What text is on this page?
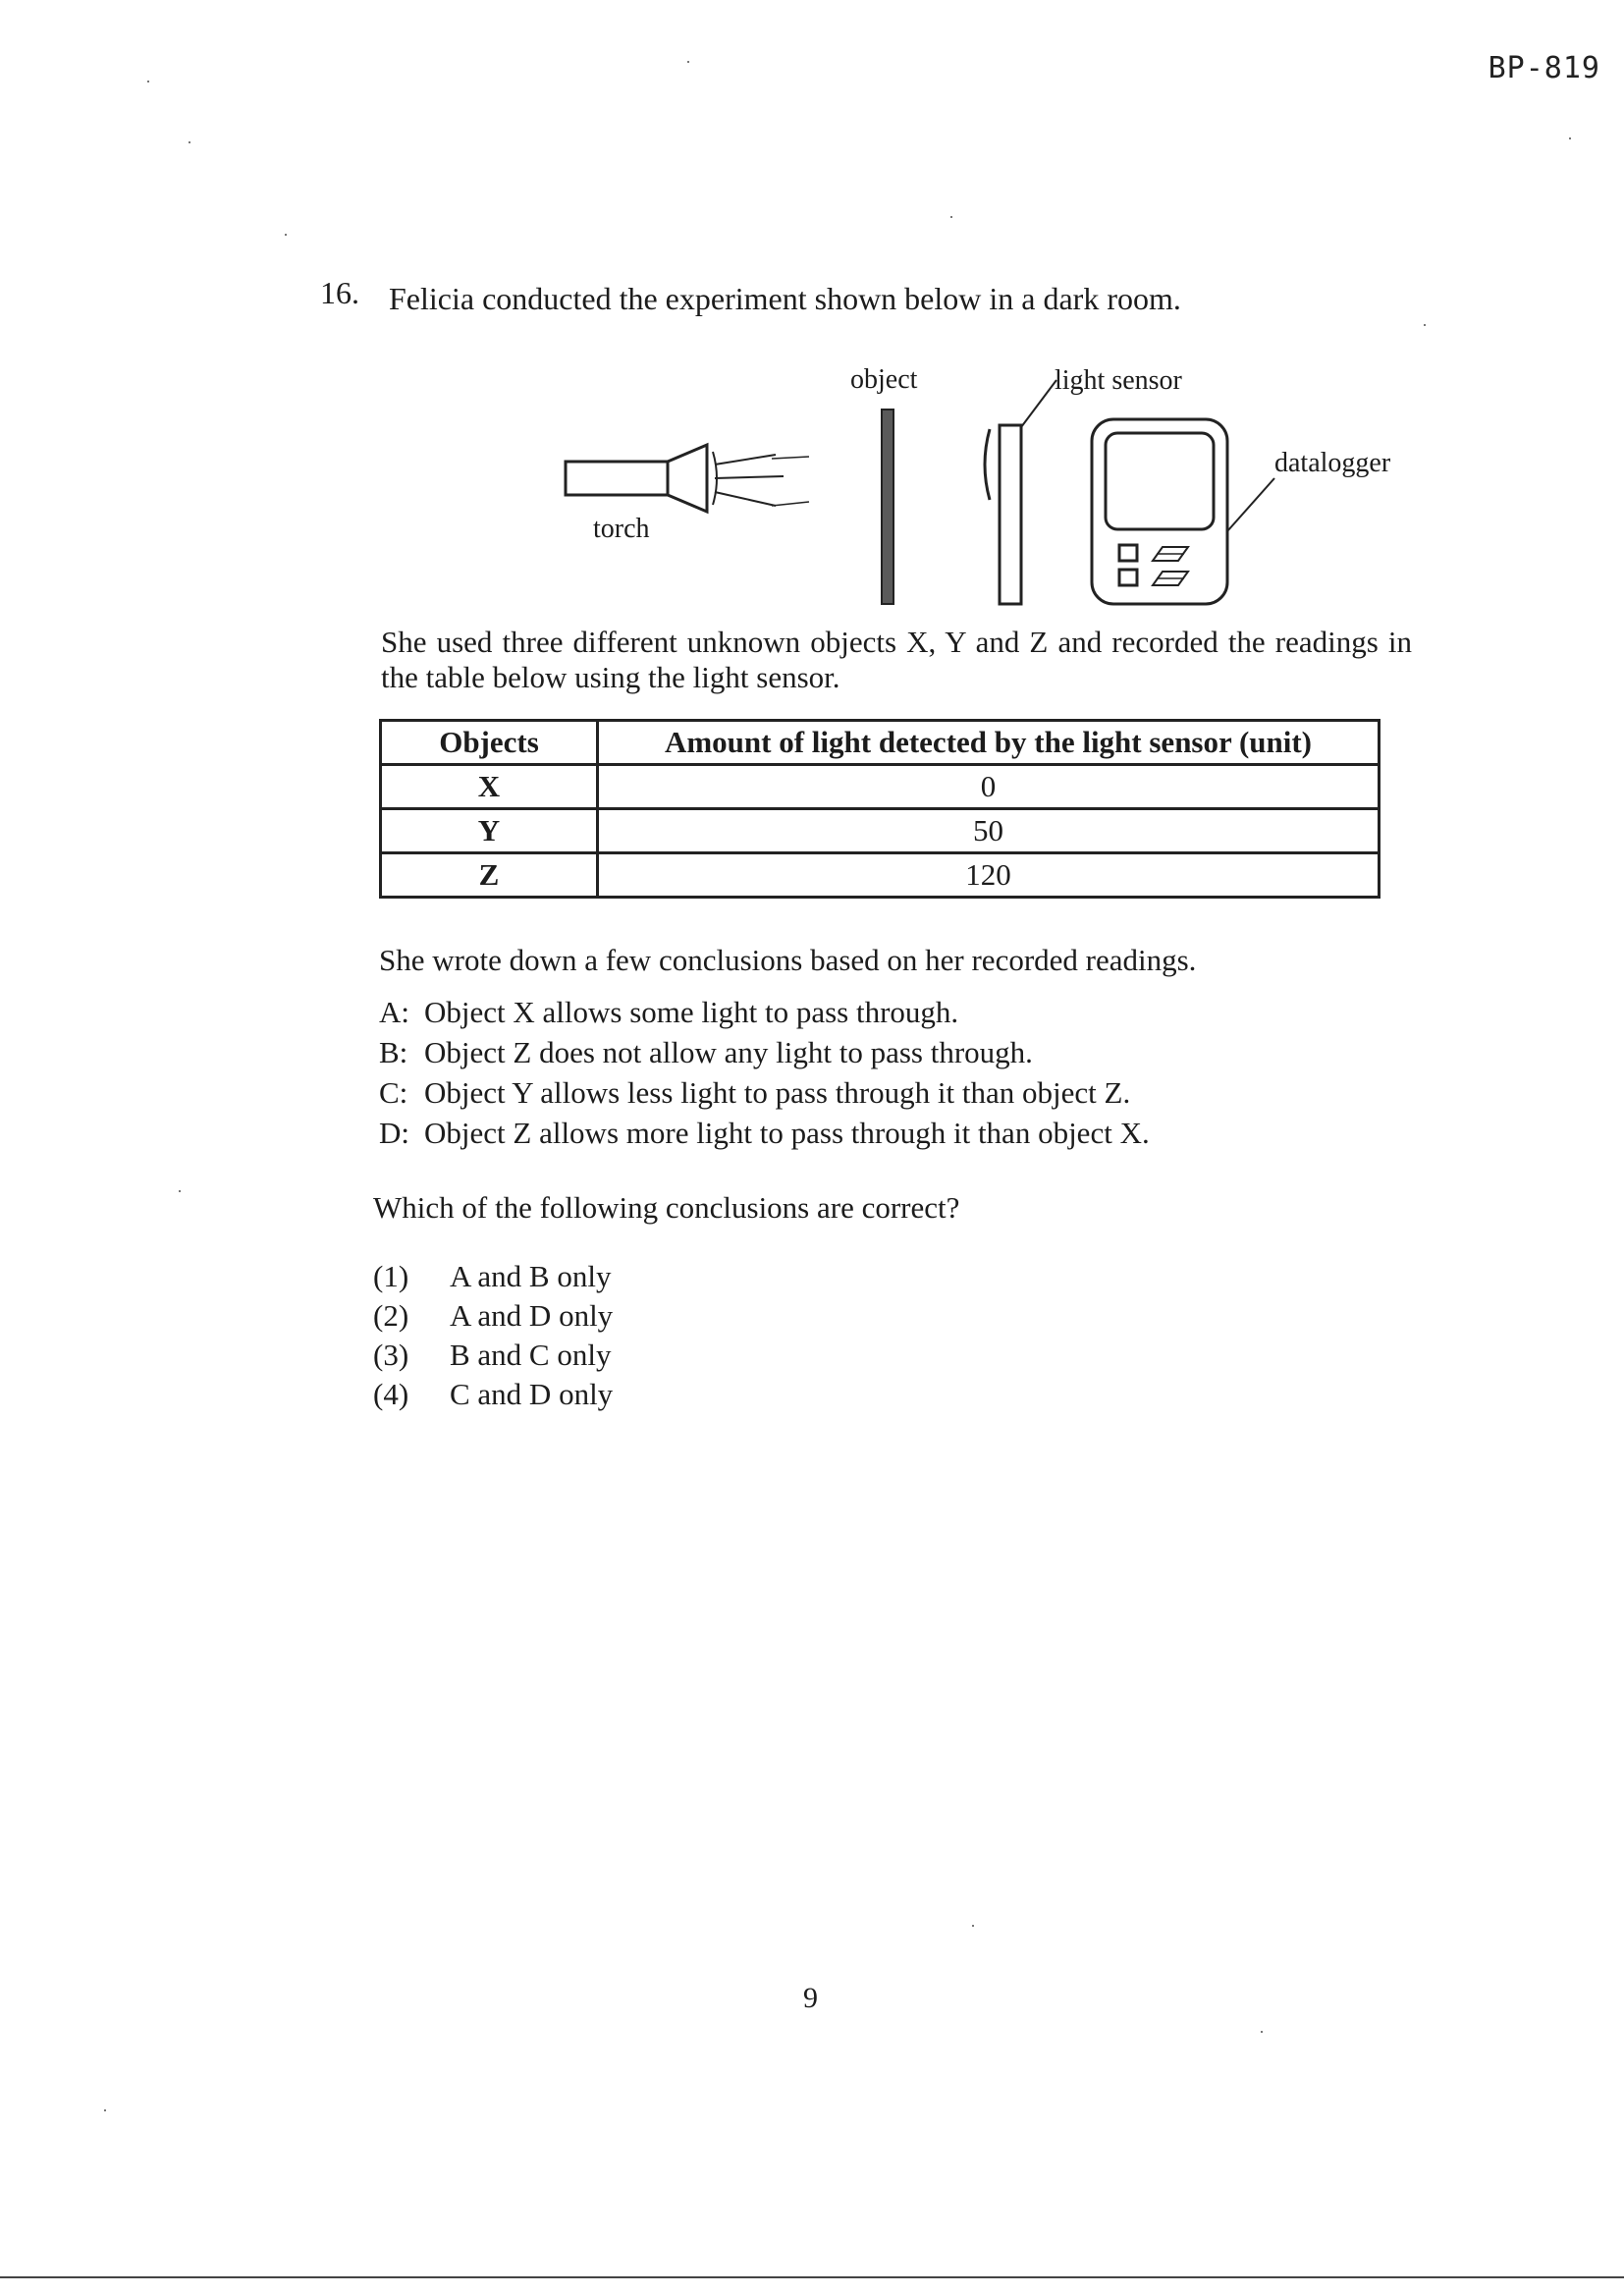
BP-819
16. Felicia conducted the experiment shown below in a dark room.
object	light sensor
datalogger
torch
She used three different unknown objects X, Y and Z and recorded the readings in the table below using the light sensor.
Objects	Amount of light detected by the light sensor (unit)
X	0
Y	50
Z	120
She wrote down a few conclusions based on her recorded readings.
A: Object X allows some light to pass through.
B: Object Z does not allow any light to pass through.
C: Object Y allows less light to pass through it than object Z.
D: Object Z allows more light to pass through it than object X.
Which of the following conclusions are correct?
(1)	A and B only
(2)	A and D only
(3)	B and C only
(4)	C and D only
9
